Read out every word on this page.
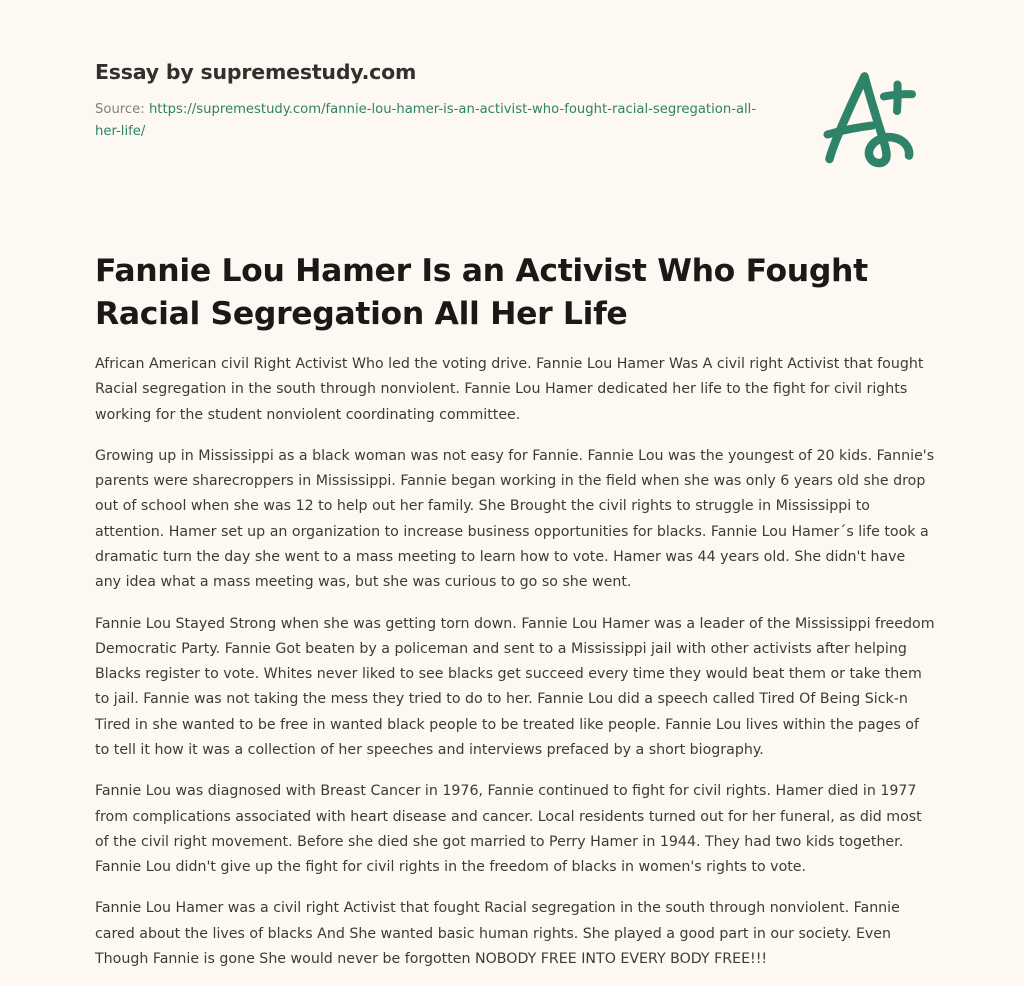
Essay by supremestudy.com
Source: https://supremestudy.com/fannie-lou-hamer-is-an-activist-who-fought-racial-segregation-all-her-life/
Fannie Lou Hamer Is an Activist Who Fought Racial Segregation All Her Life

African American civil Right Activist Who led the voting drive. Fannie Lou Hamer Was A civil right Activist that fought Racial segregation in the south through nonviolent. Fannie Lou Hamer dedicated her life to the fight for civil rights working for the student nonviolent coordinating committee.

Growing up in Mississippi as a black woman was not easy for Fannie. Fannie Lou was the youngest of 20 kids. Fannie's parents were sharecroppers in Mississippi. Fannie began working in the field when she was only 6 years old she drop out of school when she was 12 to help out her family. She Brought the civil rights to struggle in Mississippi to attention. Hamer set up an organization to increase business opportunities for blacks. Fannie Lou Hamer´s life took a dramatic turn the day she went to a mass meeting to learn how to vote. Hamer was 44 years old. She didn't have any idea what a mass meeting was, but she was curious to go so she went.

Fannie Lou Stayed Strong when she was getting torn down. Fannie Lou Hamer was a leader of the Mississippi freedom Democratic Party. Fannie Got beaten by a policeman and sent to a Mississippi jail with other activists after helping Blacks register to vote. Whites never liked to see blacks get succeed every time they would beat them or take them to jail. Fannie was not taking the mess they tried to do to her. Fannie Lou did a speech called Tired Of Being Sick-n Tired in she wanted to be free in wanted black people to be treated like people. Fannie Lou lives within the pages of to tell it how it was a collection of her speeches and interviews prefaced by a short biography.

Fannie Lou was diagnosed with Breast Cancer in 1976, Fannie continued to fight for civil rights. Hamer died in 1977 from complications associated with heart disease and cancer. Local residents turned out for her funeral, as did most of the civil right movement. Before she died she got married to Perry Hamer in 1944. They had two kids together. Fannie Lou didn't give up the fight for civil rights in the freedom of blacks in women's rights to vote.

Fannie Lou Hamer was a civil right Activist that fought Racial segregation in the south through nonviolent. Fannie cared about the lives of blacks And She wanted basic human rights. She played a good part in our society. Even Though Fannie is gone She would never be forgotten NOBODY FREE INTO EVERY BODY FREE!!!
